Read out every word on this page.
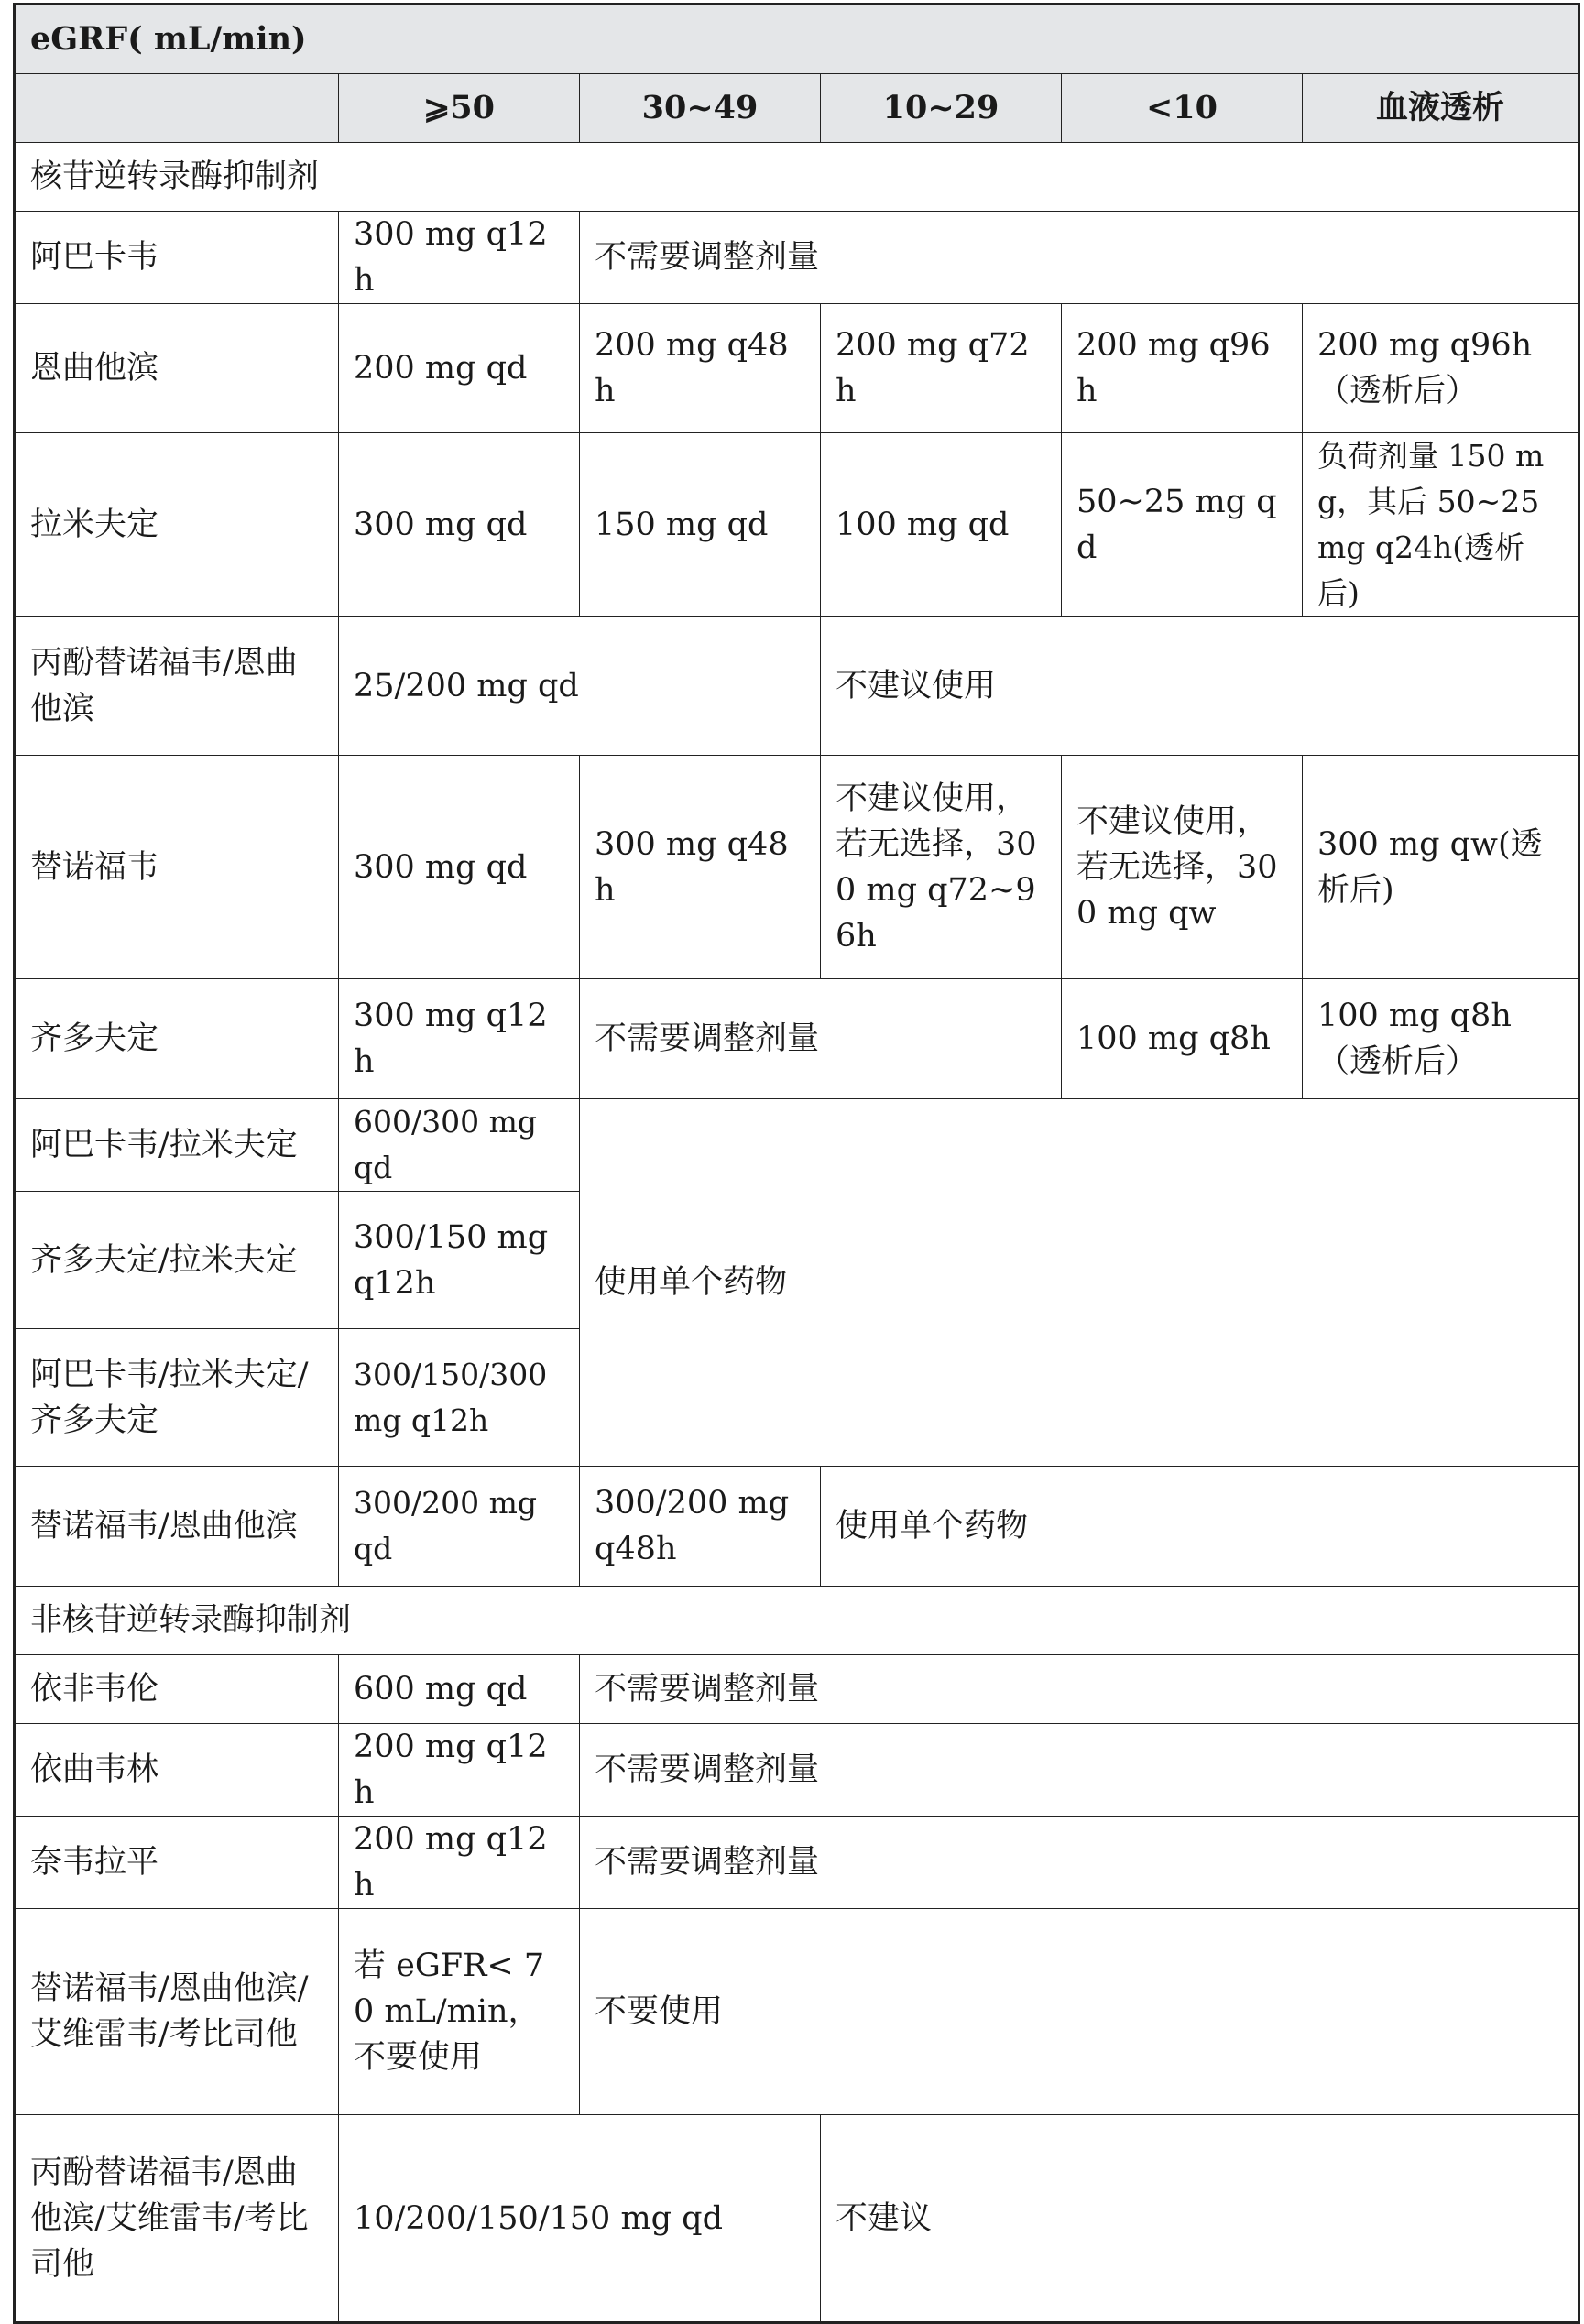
eGRF( mL/min)					
	⩾50	30~49	10~29	<10	血液透析
核苷逆转录酶抑制剂					
阿巴卡韦	300 mg q12h	不需要调整剂量			
恩曲他滨	200 mg qd	200 mg q48h	200 mg q72h	200 mg q96h	200 mg q96h（透析后）
拉米夫定	300 mg qd	150 mg qd	100 mg qd	50~25 mg qd	负荷剂量 150 mg，其后 50~25 mg q24h(透析后)
丙酚替诺福韦/恩曲他滨	25/200 mg qd		不建议使用		
替诺福韦	300 mg qd	300 mg q48h	不建议使用，若无选择，300 mg q72~96h	不建议使用，若无选择，300 mg qw	300 mg qw(透析后)
齐多夫定	300 mg q12h	不需要调整剂量		100 mg q8h	100 mg q8h（透析后）
阿巴卡韦/拉米夫定	600/300 mg qd	使用单个药物			
齐多夫定/拉米夫定	300/150 mg q12h				
阿巴卡韦/拉米夫定/齐多夫定	300/150/300 mg q12h				
替诺福韦/恩曲他滨	300/200 mg qd	300/200 mg q48h	使用单个药物		
非核苷逆转录酶抑制剂					
依非韦伦	600 mg qd	不需要调整剂量			
依曲韦林	200 mg q12h	不需要调整剂量			
奈韦拉平	200 mg q12h	不需要调整剂量			
替诺福韦/恩曲他滨/艾维雷韦/考比司他	若 eGFR< 70 mL/min，不要使用	不要使用			
丙酚替诺福韦/恩曲他滨/艾维雷韦/考比司他	10/200/150/150 mg qd		不建议		
